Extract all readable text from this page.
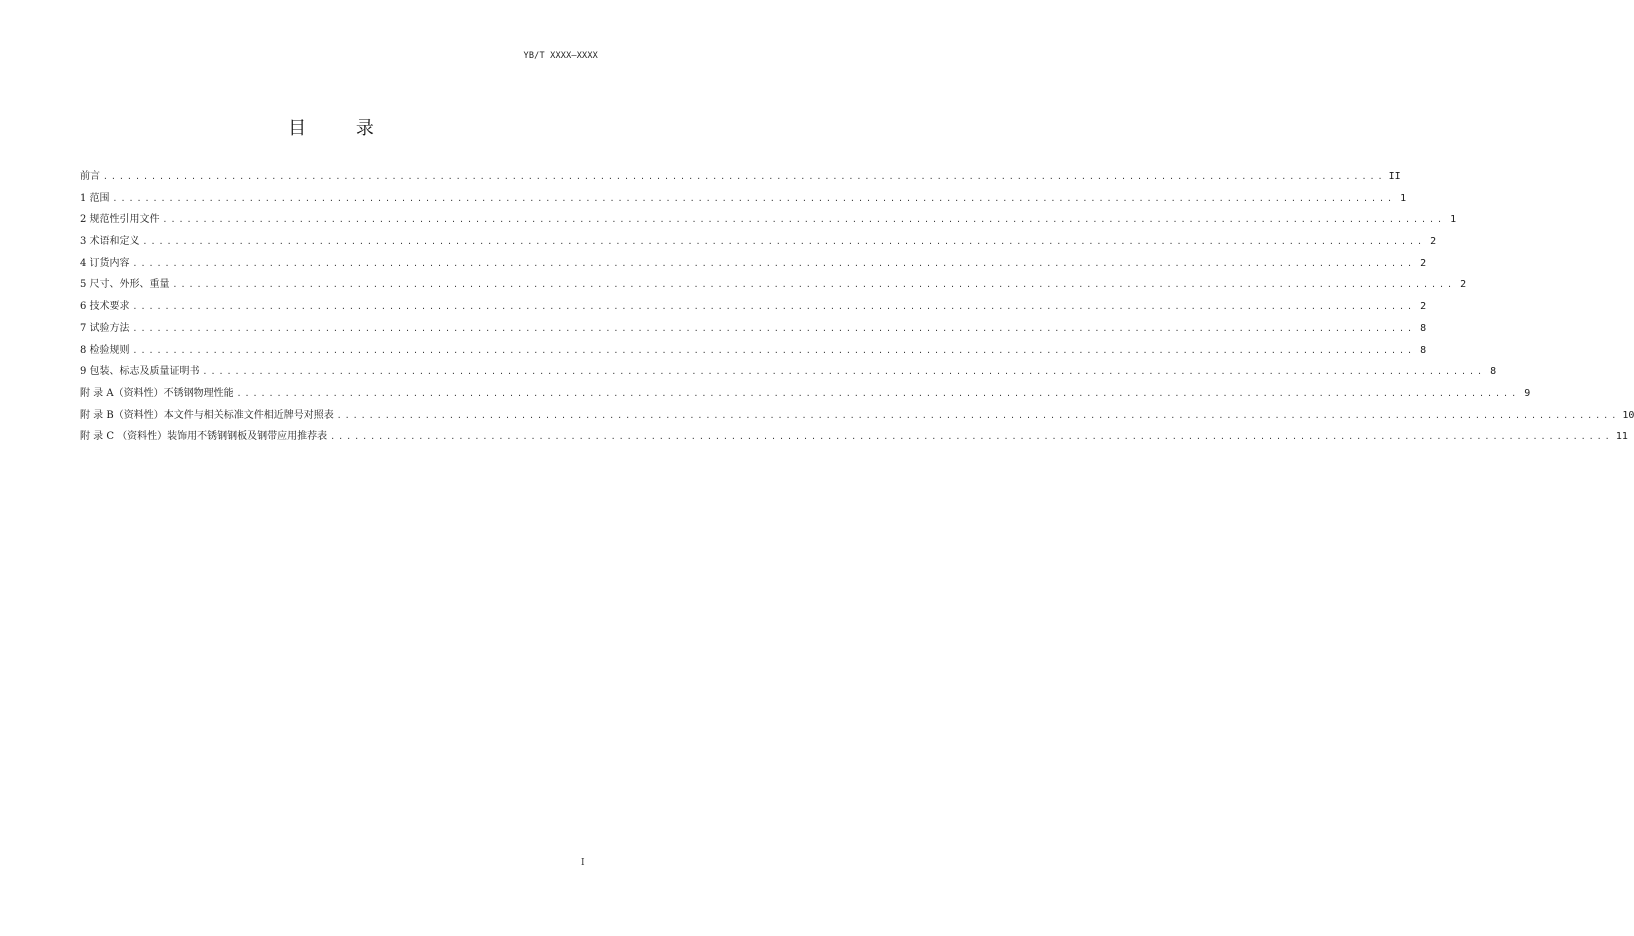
YB/T XXXX—XXXX
目 录
前言 ................................................................................................................................................................ II
1 范围 ................................................................................................................................................................ 1
2 规范性引用文件 ................................................................................................................................................................ 1
3 术语和定义 ................................................................................................................................................................ 2
4 订货内容 ................................................................................................................................................................ 2
5 尺寸、外形、重量 ................................................................................................................................................................ 2
6 技术要求 ................................................................................................................................................................ 2
7 试验方法 ................................................................................................................................................................ 8
8 检验规则 ................................................................................................................................................................ 8
9 包装、标志及质量证明书 ................................................................................................................................................................ 8
附 录 A（资料性）不锈钢物理性能 ................................................................................................................................................................ 9
附 录 B（资料性）本文件与相关标准文件相近牌号对照表 ................................................................................................................................................................ 10
附 录 C （资料性）装饰用不锈钢钢板及钢带应用推荐表 ................................................................................................................................................................ 11
I
